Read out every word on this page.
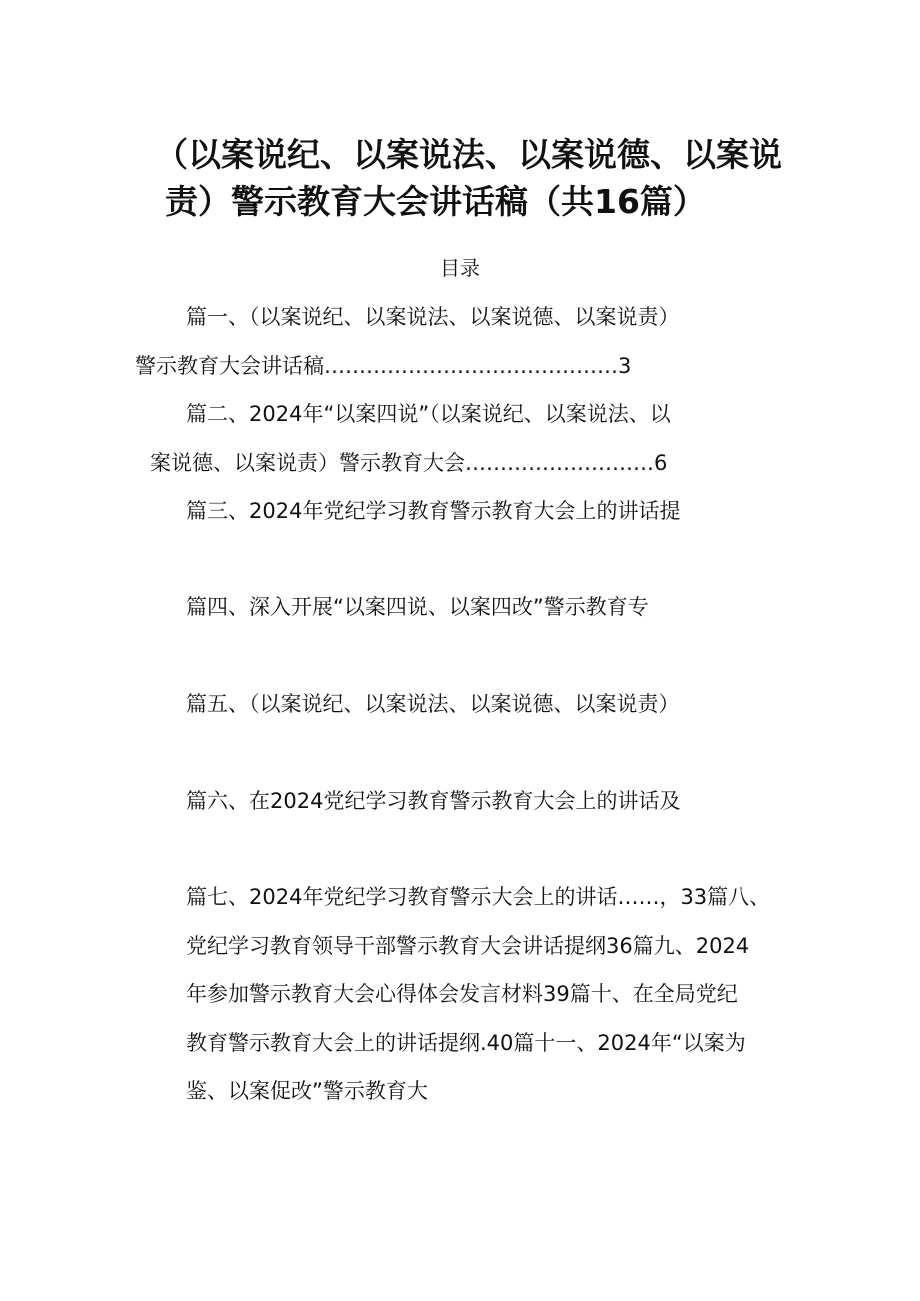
（以案说纪、以案说法、以案说德、以案说
责）警示教育大会讲话稿（共16篇）
目录
篇一、（以案说纪、以案说法、以案说德、以案说责）
警示教育大会讲话稿……………………………………3
篇二、2024年“以案四说”（以案说纪、以案说法、以
案说德、以案说责）警示教育大会………………………6
篇三、2024年党纪学习教育警示教育大会上的讲话提
篇四、深入开展“以案四说、以案四改”警示教育专
篇五、（以案说纪、以案说法、以案说德、以案说责）
篇六、在2024党纪学习教育警示教育大会上的讲话及
篇七、2024年党纪学习教育警示大会上的讲话……，33篇八、
党纪学习教育领导干部警示教育大会讲话提纲36篇九、2024
年参加警示教育大会心得体会发言材料39篇十、在全局党纪
教育警示教育大会上的讲话提纲.40篇十一、2024年“以案为
鉴、以案促改”警示教育大
